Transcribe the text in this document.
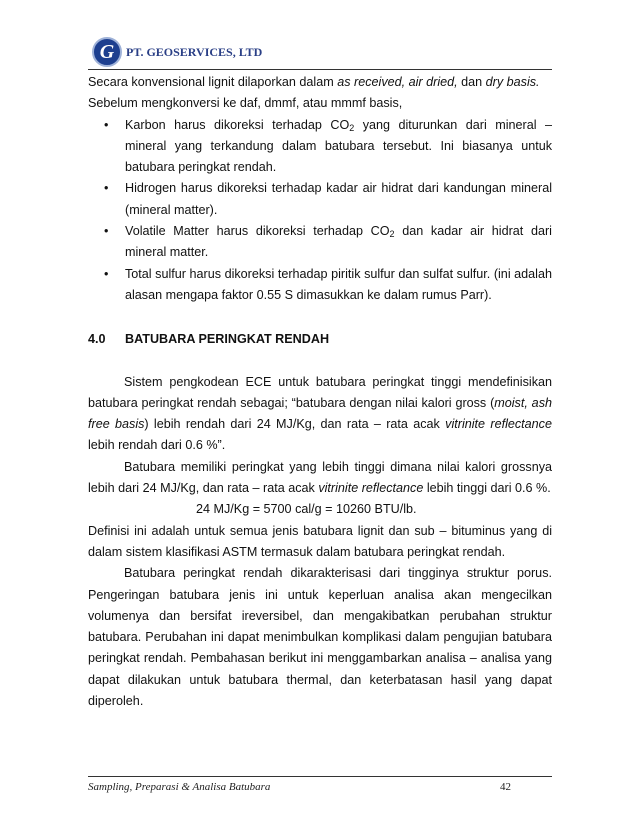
G PT. GEOSERVICES, LTD

Secara konvensional lignit dilaporkan dalam as received, air dried, dan dry basis.

Sebelum mengkonversi ke daf, dmmf, atau mmmf basis,

• Karbon harus dikoreksi terhadap $CO_2$ yang diturunkan dari mineral – mineral yang terkandung dalam batubara tersebut. Ini biasanya untuk batubara peringkat rendah.
• Hidrogen harus dikoreksi terhadap kadar air hidrat dari kandungan mineral (mineral matter).
• Volatile Matter harus dikoreksi terhadap $CO_2$ dan kadar air hidrat dari mineral matter.
• Total sulfur harus dikoreksi terhadap piritik sulfur dan sulfat sulfur. (ini adalah alasan mengapa faktor 0.55 S dimasukkan ke dalam rumus Parr).
4.0	BATUBARA PERINGKAT RENDAH

Sistem pengkodean ECE untuk batubara peringkat tinggi mendefinisikan batubara peringkat rendah sebagai; “batubara dengan nilai kalori gross (moist, ash free basis) lebih rendah dari 24 MJ/Kg, dan rata – rata acak vitrinite reflectance lebih rendah dari 0.6 %”.

Batubara memiliki peringkat yang lebih tinggi dimana nilai kalori grossnya lebih dari 24 MJ/Kg, dan rata – rata acak vitrinite reflectance lebih tinggi dari 0.6 %.

24 MJ/Kg = 5700 cal/g = 10260 BTU/lb.

Definisi ini adalah untuk semua jenis batubara lignit dan sub – bituminus yang di dalam sistem klasifikasi ASTM termasuk dalam batubara peringkat rendah.

Batubara peringkat rendah dikarakterisasi dari tingginya struktur porus. Pengeringan batubara jenis ini untuk keperluan analisa akan mengecilkan volumenya dan bersifat ireversibel, dan mengakibatkan perubahan struktur batubara. Perubahan ini dapat menimbulkan komplikasi dalam pengujian batubara peringkat rendah. Pembahasan berikut ini menggambarkan analisa – analisa yang dapat dilakukan untuk batubara thermal, dan keterbatasan hasil yang dapat diperoleh.

Sampling, Preparasi & Analisa Batubara	42
